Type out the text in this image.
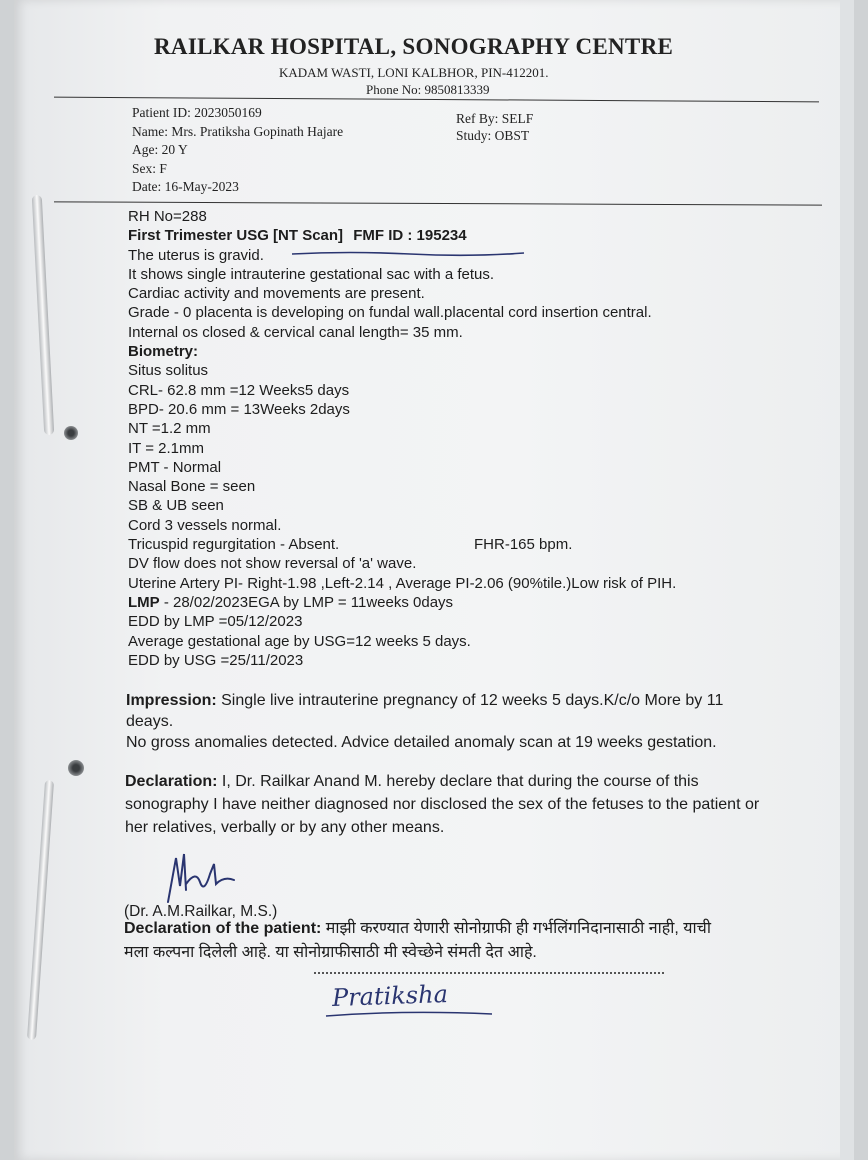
RAILKAR HOSPITAL, SONOGRAPHY CENTRE
KADAM WASTI, LONI KALBHOR, PIN-412201.
Phone No: 9850813339
Patient ID: 2023050169
Name: Mrs. Pratiksha Gopinath Hajare
Age: 20 Y
Sex: F
Date: 16-May-2023
Ref By: SELF
Study: OBST
RH No=288
First Trimester USG [NT Scan] FMF ID : 195234
The uterus is gravid.
It shows single intrauterine gestational sac with a fetus.
Cardiac activity and movements are present.
Grade - 0 placenta is developing on fundal wall.placental cord insertion central.
Internal os closed & cervical canal length= 35 mm.
Biometry:
Situs solitus
CRL- 62.8 mm =12 Weeks5 days
BPD- 20.6 mm = 13Weeks 2days
NT =1.2 mm
IT = 2.1mm
PMT - Normal
Nasal Bone = seen
SB & UB seen
Cord 3 vessels normal.
Tricuspid regurgitation - Absent.	FHR-165 bpm.
DV flow does not show reversal of 'a' wave.
Uterine Artery PI- Right-1.98 ,Left-2.14 , Average PI-2.06 (90%tile.)Low risk of PIH.
LMP - 28/02/2023EGA by LMP = 11weeks 0days
EDD by LMP =05/12/2023
Average gestational age by USG=12 weeks 5 days.
EDD by USG =25/11/2023
Impression: Single live intrauterine pregnancy of 12 weeks 5 days.K/c/o More by 11
deays.
No gross anomalies detected. Advice detailed anomaly scan at 19 weeks gestation.
Declaration: I, Dr. Railkar Anand M. hereby declare that during the course of this
sonography I have neither diagnosed nor disclosed the sex of the fetuses to the patient or
her relatives, verbally or by any other means.
(Dr. A.M.Railkar, M.S.)
Declaration of the patient: माझी करण्यात येणारी सोनोग्राफी ही गर्भलिंगनिदानासाठी नाही, याची
मला कल्पना दिलेली आहे. या सोनोग्राफीसाठी मी स्वेच्छेने संमती देत आहे.
Pratiksha
